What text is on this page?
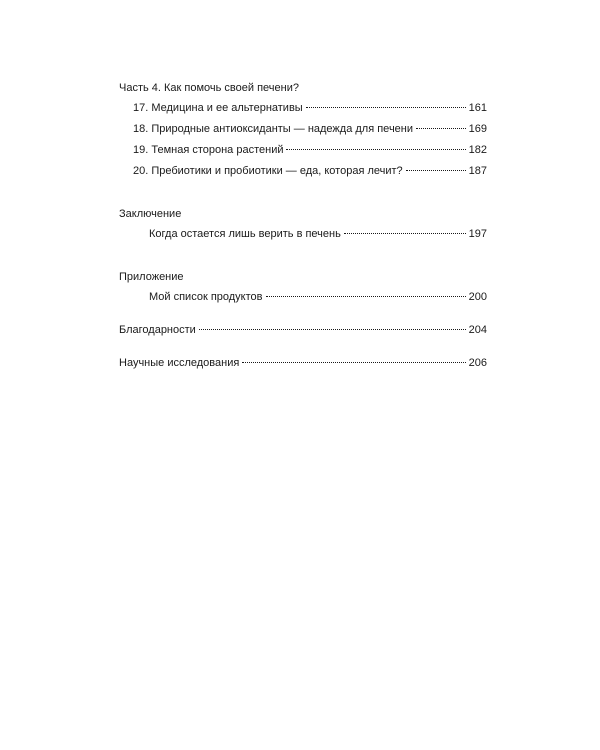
Часть 4. Как помочь своей печени?
17. Медицина и ее альтернативы	161
18. Природные антиоксиданты — надежда для печени	169
19. Темная сторона растений	182
20. Пребиотики и пробиотики — еда, которая лечит?	187
Заключение
Когда остается лишь верить в печень	197
Приложение
Мой список продуктов	200
Благодарности	204
Научные исследования	206
